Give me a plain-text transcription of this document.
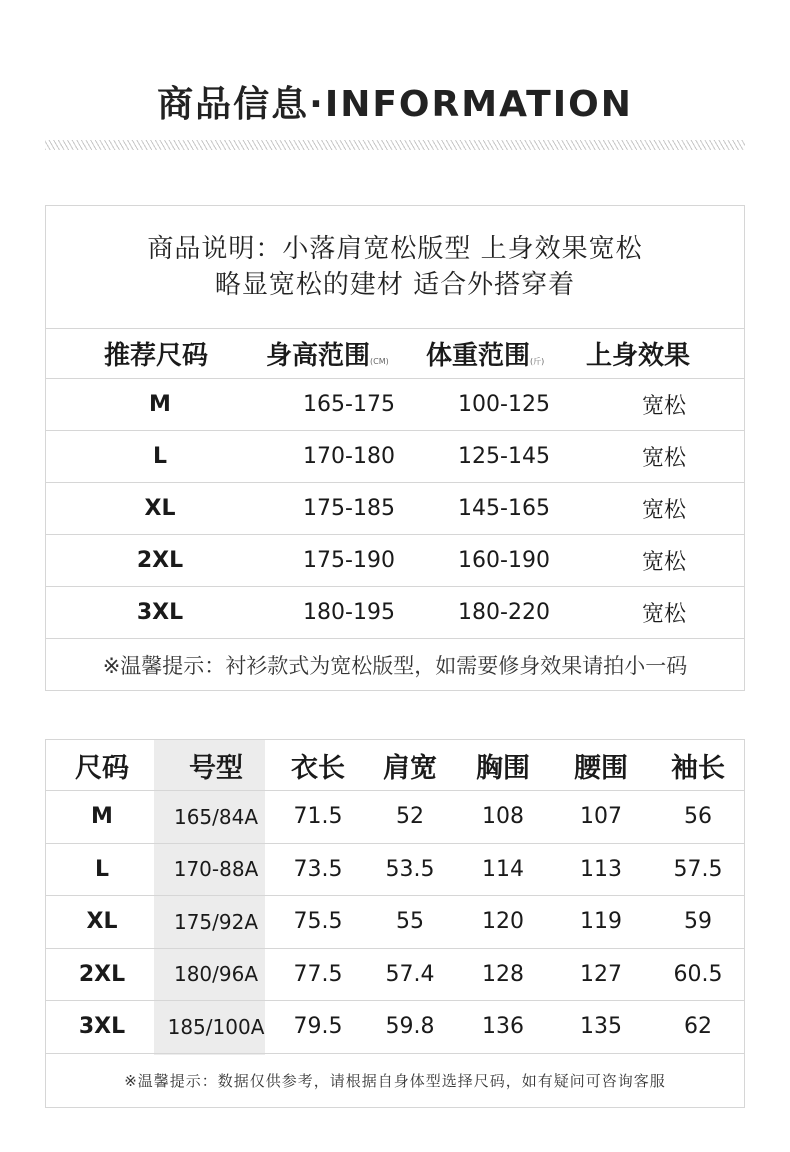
商品信息·INFORMATION
商品说明：小落肩宽松版型 上身效果宽松
略显宽松的建材 适合外搭穿着
推荐尺码	身高范围(CM)	体重范围(斤)	上身效果
M	165-175	100-125	宽松
L	170-180	125-145	宽松
XL	175-185	145-165	宽松
2XL	175-190	160-190	宽松
3XL	180-195	180-220	宽松
※温馨提示：衬衫款式为宽松版型，如需要修身效果请拍小一码
尺码	号型	衣长	肩宽	胸围	腰围	袖长
M	165/84A	71.5	52	108	107	56
L	170-88A	73.5	53.5	114	113	57.5
XL	175/92A	75.5	55	120	119	59
2XL	180/96A	77.5	57.4	128	127	60.5
3XL	185/100A	79.5	59.8	136	135	62
※温馨提示：数据仅供参考，请根据自身体型选择尺码，如有疑问可咨询客服
